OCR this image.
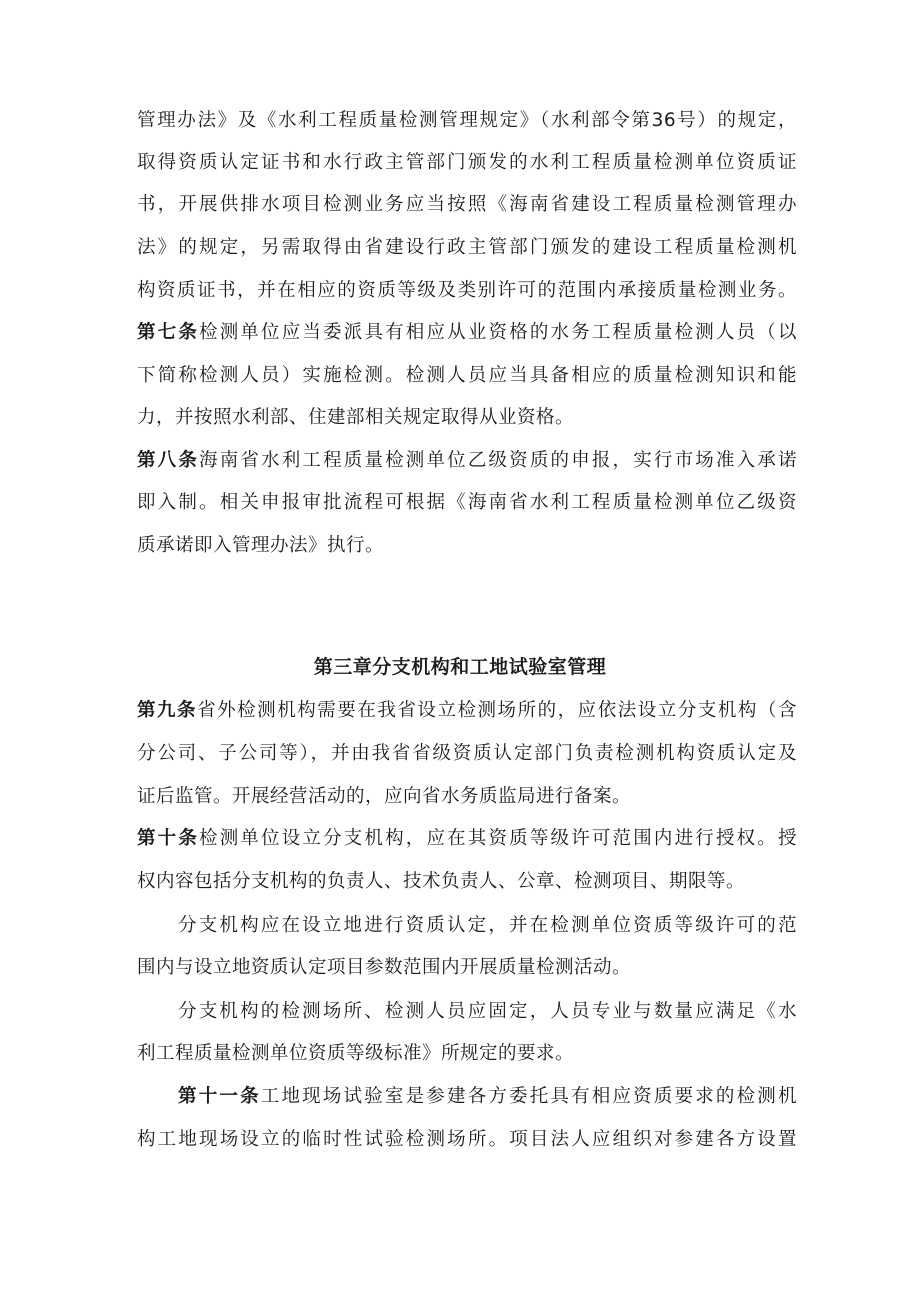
管理办法》及《水利工程质量检测管理规定》（水利部令第36号）的规定，
取得资质认定证书和水行政主管部门颁发的水利工程质量检测单位资质证
书，开展供排水项目检测业务应当按照《海南省建设工程质量检测管理办
法》的规定，另需取得由省建设行政主管部门颁发的建设工程质量检测机
构资质证书，并在相应的资质等级及类别许可的范围内承接质量检测业务。
第七条检测单位应当委派具有相应从业资格的水务工程质量检测人员（以
下简称检测人员）实施检测。检测人员应当具备相应的质量检测知识和能
力，并按照水利部、住建部相关规定取得从业资格。
第八条海南省水利工程质量检测单位乙级资质的申报，实行市场准入承诺
即入制。相关申报审批流程可根据《海南省水利工程质量检测单位乙级资
质承诺即入管理办法》执行。
第三章分支机构和工地试验室管理
第九条省外检测机构需要在我省设立检测场所的，应依法设立分支机构（含
分公司、子公司等），并由我省省级资质认定部门负责检测机构资质认定及
证后监管。开展经营活动的，应向省水务质监局进行备案。
第十条检测单位设立分支机构，应在其资质等级许可范围内进行授权。授
权内容包括分支机构的负责人、技术负责人、公章、检测项目、期限等。
分支机构应在设立地进行资质认定，并在检测单位资质等级许可的范
围内与设立地资质认定项目参数范围内开展质量检测活动。
分支机构的检测场所、检测人员应固定，人员专业与数量应满足《水
利工程质量检测单位资质等级标准》所规定的要求。
第十一条工地现场试验室是参建各方委托具有相应资质要求的检测机
构工地现场设立的临时性试验检测场所。项目法人应组织对参建各方设置
